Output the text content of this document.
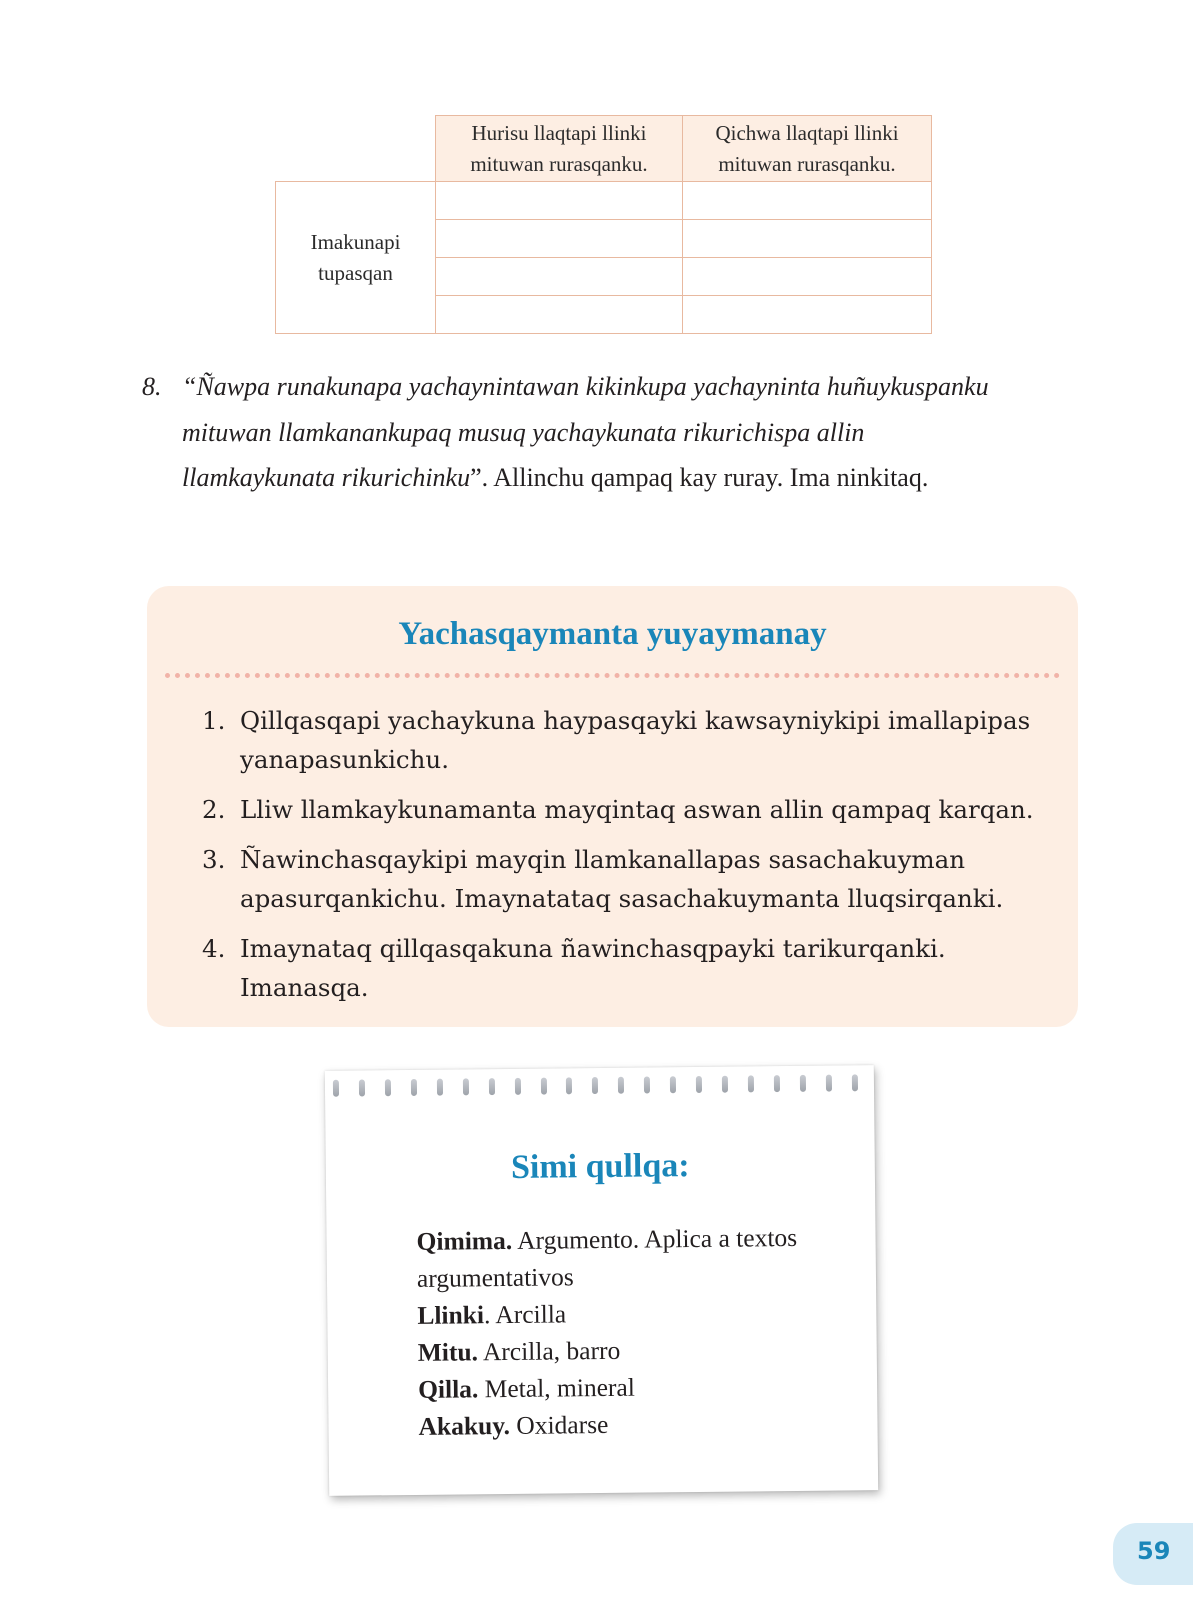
Hurisu llaqtapi llinki mituwan rurasqanku.
Qichwa llaqtapi llinki mituwan rurasqanku.
Imakunapi tupasqan
8. “Ñawpa runakunapa yachaynintawan kikinkupa yachayninta huñuykuspanku mituwan llamkanankupaq musuq yachaykunata rikurichispa allin llamkaykunata rikurichinku”. Allinchu qampaq kay ruray. Ima ninkitaq.
Yachasqaymanta yuyaymanay
1. Qillqasqapi yachaykuna haypasqayki kawsayniykipi imallapipas yanapasunkichu.
2. Lliw llamkaykunamanta mayqintaq aswan allin qampaq karqan.
3. Ñawinchasqaykipi mayqin llamkanallapas sasachakuyman apasurqankichu. Imaynatataq sasachakuymanta lluqsirqanki.
4. Imaynataq qillqasqakuna ñawinchasqpayki tarikurqanki. Imanasqa.
Simi qullqa:
Qimima. Argumento. Aplica a textos argumentativos
Llinki. Arcilla
Mitu. Arcilla, barro
Qilla. Metal, mineral
Akakuy. Oxidarse
59
